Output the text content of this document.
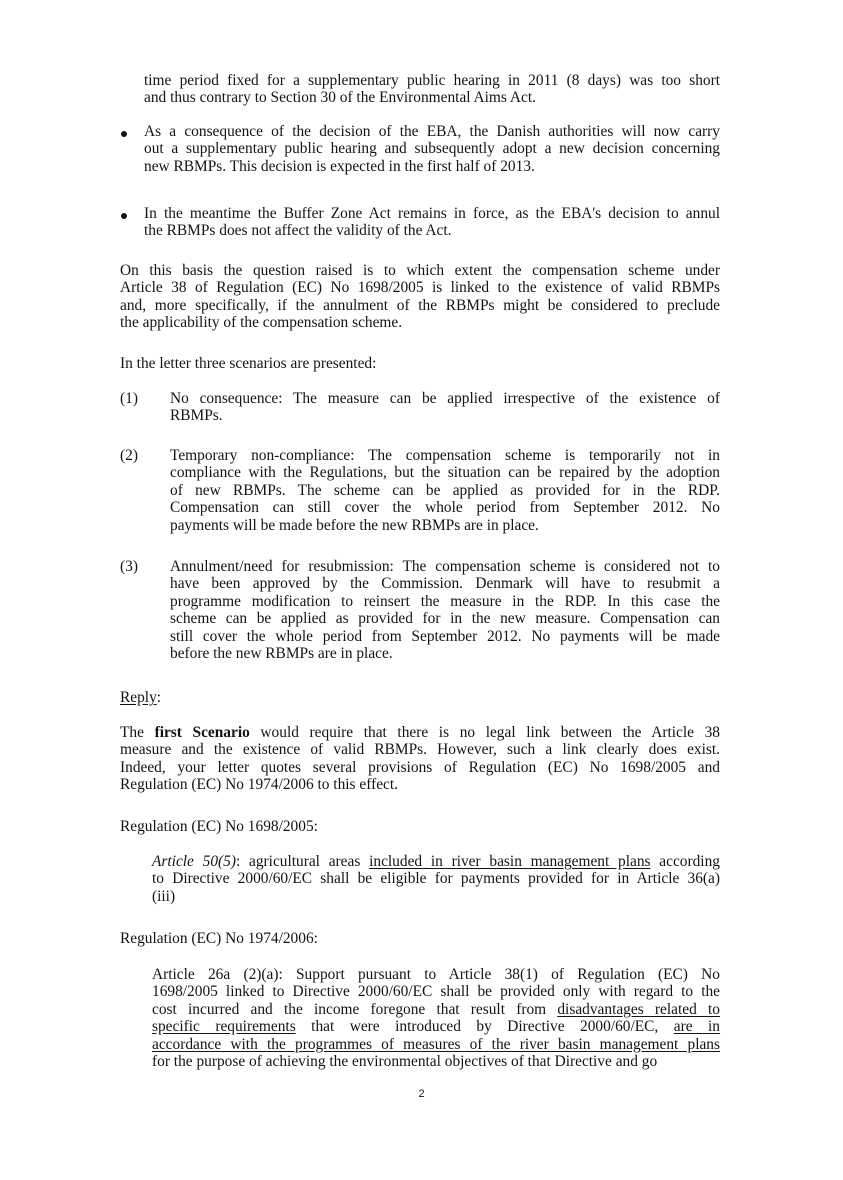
time period fixed for a supplementary public hearing in 2011 (8 days) was too short
and thus contrary to Section 30 of the Environmental Aims Act.
As a consequence of the decision of the EBA, the Danish authorities will now carry
out a supplementary public hearing and subsequently adopt a new decision concerning
new RBMPs. This decision is expected in the first half of 2013.
In the meantime the Buffer Zone Act remains in force, as the EBA's decision to annul
the RBMPs does not affect the validity of the Act.
On this basis the question raised is to which extent the compensation scheme under
Article 38 of Regulation (EC) No 1698/2005 is linked to the existence of valid RBMPs
and, more specifically, if the annulment of the RBMPs might be considered to preclude
the applicability of the compensation scheme.
In the letter three scenarios are presented:
(1) No consequence: The measure can be applied irrespective of the existence of
RBMPs.
(2) Temporary non-compliance: The compensation scheme is temporarily not in
compliance with the Regulations, but the situation can be repaired by the adoption
of new RBMPs. The scheme can be applied as provided for in the RDP.
Compensation can still cover the whole period from September 2012. No
payments will be made before the new RBMPs are in place.
(3) Annulment/need for resubmission: The compensation scheme is considered not to
have been approved by the Commission. Denmark will have to resubmit a
programme modification to reinsert the measure in the RDP. In this case the
scheme can be applied as provided for in the new measure. Compensation can
still cover the whole period from September 2012. No payments will be made
before the new RBMPs are in place.
Reply:
The first Scenario would require that there is no legal link between the Article 38
measure and the existence of valid RBMPs. However, such a link clearly does exist.
Indeed, your letter quotes several provisions of Regulation (EC) No 1698/2005 and
Regulation (EC) No 1974/2006 to this effect.
Regulation (EC) No 1698/2005:
Article 50(5): agricultural areas included in river basin management plans according
to Directive 2000/60/EC shall be eligible for payments provided for in Article 36(a)
(iii)
Regulation (EC) No 1974/2006:
Article 26a (2)(a): Support pursuant to Article 38(1) of Regulation (EC) No
1698/2005 linked to Directive 2000/60/EC shall be provided only with regard to the
cost incurred and the income foregone that result from disadvantages related to
specific requirements that were introduced by Directive 2000/60/EC, are in
accordance with the programmes of measures of the river basin management plans
for the purpose of achieving the environmental objectives of that Directive and go
2
